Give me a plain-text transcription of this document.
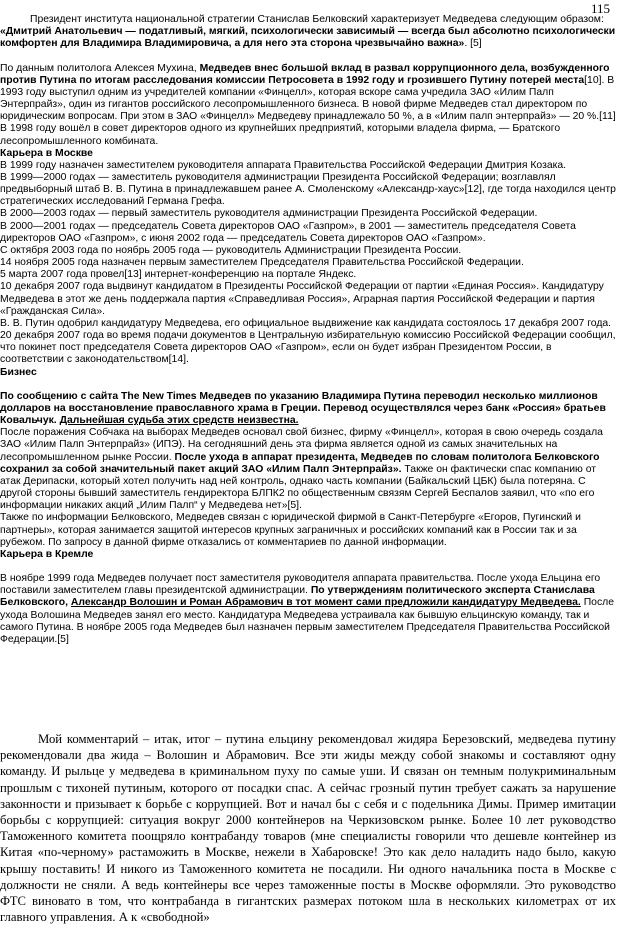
115

Президент института национальной стратегии Станислав Белковский характеризует Медведева следующим образом:
«Дмитрий Анатольевич — податливый, мягкий, психологически зависимый — всегда был абсолютно психологически комфортен для Владимира Владимировича, а для него эта сторона чрезвычайно важна». [5]

По данным политолога Алексея Мухина, Медведев внес большой вклад в развал коррупционного дела, возбужденного против Путина по итогам расследования комиссии Петросовета в 1992 году и грозившего Путину потерей места[10]. В 1993 году выступил одним из учредителей компании «Финцелл», которая вскоре сама учредила ЗАО «Илим Палп Энтерпрайз», один из гигантов российского лесопромышленного бизнеса. В новой фирме Медведев стал директором по юридическим вопросам. При этом в ЗАО «Финцелл» Медведеву принадлежало 50 %, а в «Илим палп энтерпрайз» — 20 %.[11]

В 1998 году вошёл в совет директоров одного из крупнейших предприятий, которыми владела фирма, — Братского лесопромышленного комбината.

Карьера в Москве

В 1999 году назначен заместителем руководителя аппарата Правительства Российской Федерации Дмитрия Козака.

В 1999—2000 годах — заместитель руководителя администрации Президента Российской Федерации; возглавлял предвыборный штаб В. В. Путина в принадлежавшем ранее А. Смоленскому «Александр-хаус»[12], где тогда находился центр стратегических исследований Германа Грефа.

В 2000—2003 годах — первый заместитель руководителя администрации Президента Российской Федерации.

В 2000—2001 годах — председатель Совета директоров ОАО «Газпром», в 2001 — заместитель председателя Совета директоров ОАО «Газпром», с июня 2002 года — председатель Совета директоров ОАО «Газпром».

С октября 2003 года по ноябрь 2005 года — руководитель Администрации Президента России.

14 ноября 2005 года назначен первым заместителем Председателя Правительства Российской Федерации.

5 марта 2007 года провел[13] интернет-конференцию на портале Яндекс.

10 декабря 2007 года выдвинут кандидатом в Президенты Российской Федерации от партии «Единая Россия». Кандидатуру Медведева в этот же день поддержала партия «Справедливая Россия», Аграрная партия Российской Федерации и партия «Гражданская Сила».

В. В. Путин одобрил кандидатуру Медведева, его официальное выдвижение как кандидата состоялось 17 декабря 2007 года.

20 декабря 2007 года во время подачи документов в Центральную избирательную комиссию Российской Федерации сообщил, что покинет пост председателя Совета директоров ОАО «Газпром», если он будет избран Президентом России, в соответствии с законодательством[14].

Бизнес

По сообщению с сайта The New Times Медведев по указанию Владимира Путина переводил несколько миллионов долларов на восстановление православного храма в Греции. Перевод осуществлялся через банк «Россия» братьев Ковальчук. Дальнейшая судьба этих средств неизвестна.

После поражения Собчака на выборах Медведев основал свой бизнес, фирму «Финцелл», которая в свою очередь создала ЗАО «Илим Палп Энтерпрайз» (ИПЭ). На сегодняшний день эта фирма является одной из самых значительных на лесопромышленном рынке России. После ухода в аппарат президента, Медведев по словам политолога Белковского сохранил за собой значительный пакет акций ЗАО «Илим Палп Энтерпрайз». Также он фактически спас компанию от атак Дерипаски, который хотел получить над ней контроль, однако часть компании (Байкальский ЦБК) была потеряна. С другой стороны бывший заместитель гендиректора БЛПК2 по общественным связям Сергей Беспалов заявил, что «по его информации никаких акций „Илим Палп“ у Медведева нет»[5].

Также по информации Белковского, Медведев связан с юридической фирмой в Санкт-Петербурге «Егоров, Пугинский и партнеры», которая занимается защитой интересов крупных заграничных и российских компаний как в России так и за рубежом. По запросу в данной фирме отказались от комментариев по данной информации.

Карьера в Кремле

В ноябре 1999 года Медведев получает пост заместителя руководителя аппарата правительства. После ухода Ельцина его поставили заместителем главы президентской администрации. По утверждениям политического эксперта Станислава Белковского, Александр Волошин и Роман Абрамович в тот момент сами предложили кандидатуру Медведева. После ухода Волошина Медведев занял его место. Кандидатура Медведева устраивала как бывшую ельцинскую команду, так и самого Путина. В ноябре 2005 года Медведев был назначен первым заместителем Председателя Правительства Российской Федерации.[5]

Мой комментарий – итак, итог – путина ельцину рекомендовал жидяра Березовский, медведева путину рекомендовали два жида – Волошин и Абрамович. Все эти жиды между собой знакомы и составляют одну команду. И рыльце у медведева в криминальном пуху по самые уши. И связан он темным полукриминальным прошлым с тихоней путиным, которого от посадки спас. А сейчас грозный путин требует сажать за нарушение законности и призывает к борьбе с коррупцией. Вот и начал бы с себя и с подельника Димы. Пример имитации борьбы с коррупцией: ситуация вокруг 2000 контейнеров на Черкизовском рынке. Более 10 лет руководство Таможенного комитета поощряло контрабанду товаров (мне специалисты говорили что дешевле контейнер из Китая «по-черному» растаможить в Москве, нежели в Хабаровске! Это как дело наладить надо было, какую крышу поставить! И никого из Таможенного комитета не посадили. Ни одного начальника поста в Москве с должности не сняли. А ведь контейнеры все через таможенные посты в Москве оформляли. Это руководство ФТС виновато в том, что контрабанда в гигантских размерах потоком шла в нескольких километрах от их главного управления. А к «свободной»
